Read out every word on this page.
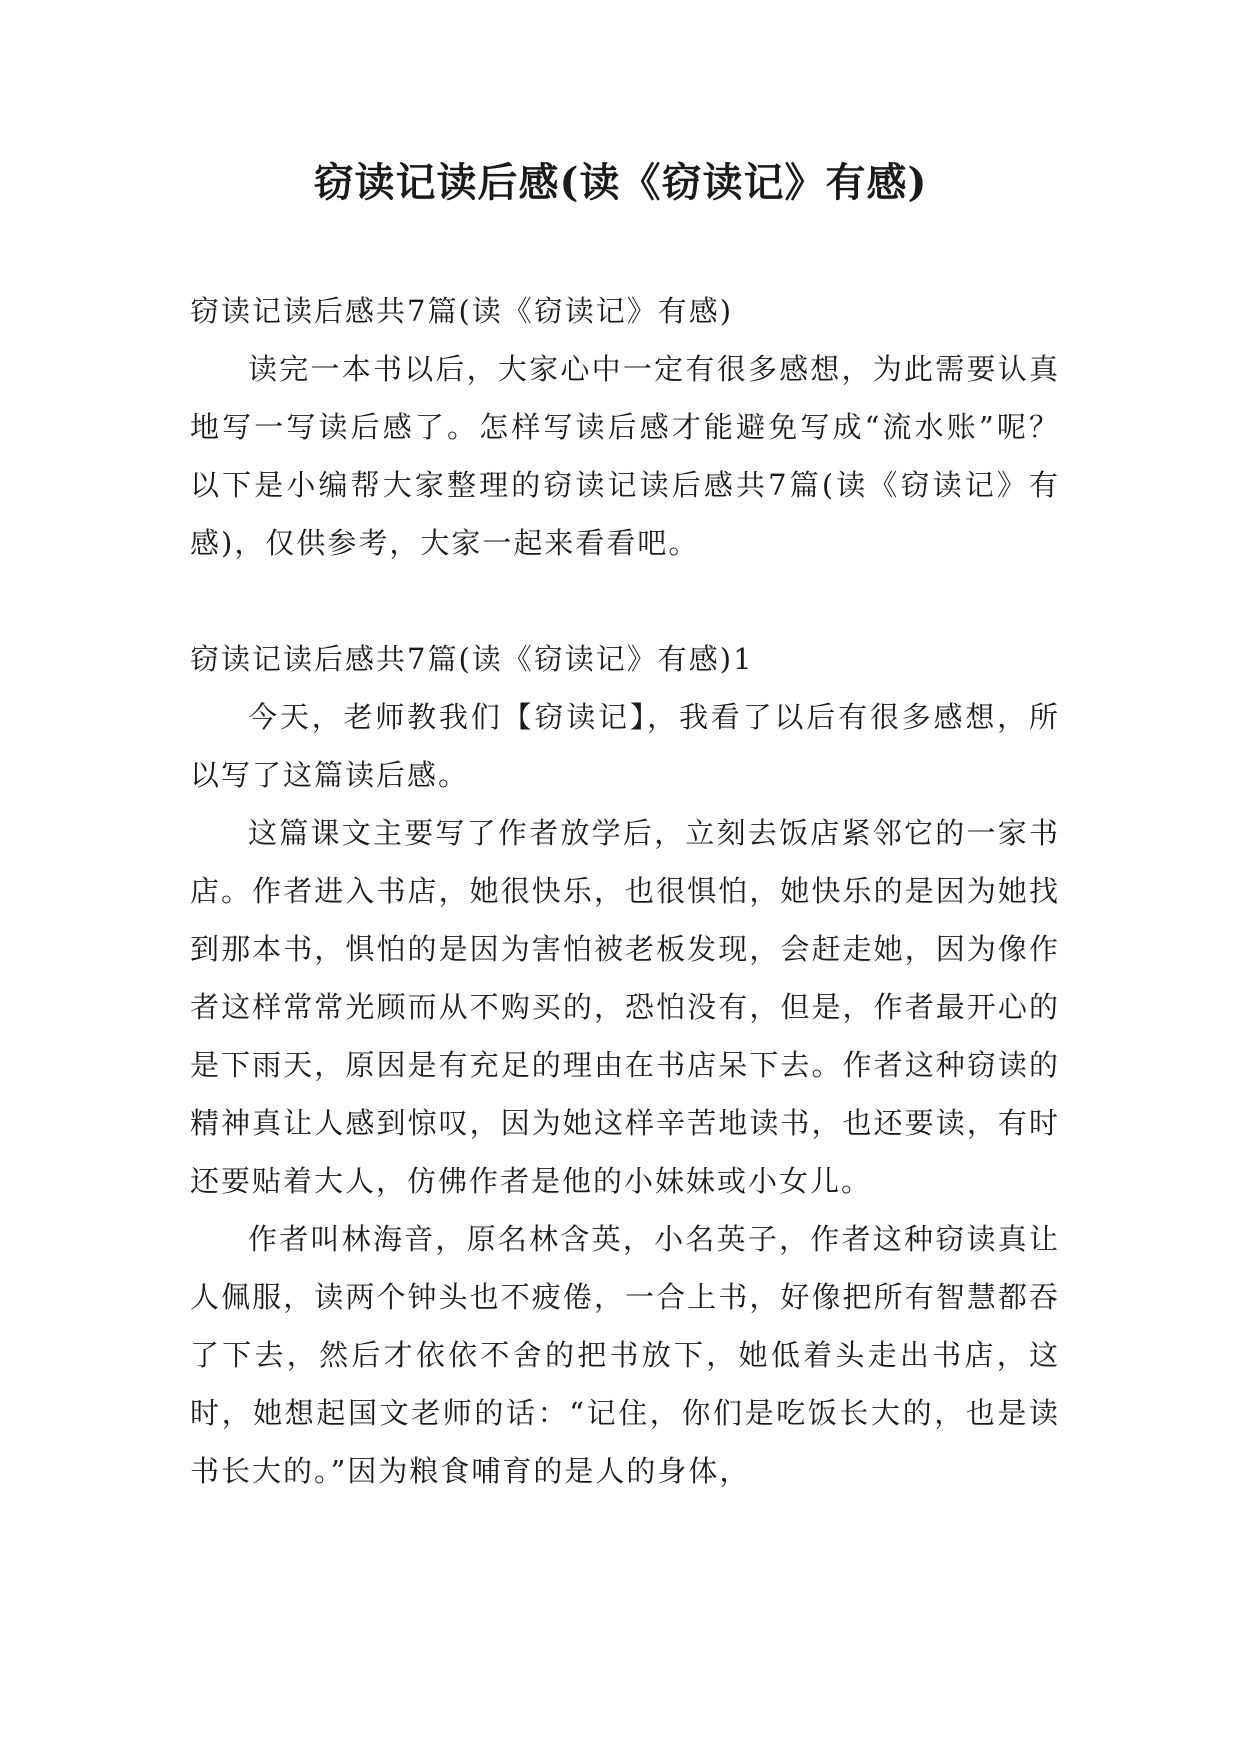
窃读记读后感(读《窃读记》有感)

窃读记读后感共7篇(读《窃读记》有感)

读完一本书以后，大家心中一定有很多感想，为此需要认真地写一写读后感了。怎样写读后感才能避免写成“流水账”呢？以下是小编帮大家整理的窃读记读后感共7篇(读《窃读记》有感)，仅供参考，大家一起来看看吧。

窃读记读后感共7篇(读《窃读记》有感)1

今天，老师教我们【窃读记】，我看了以后有很多感想，所以写了这篇读后感。

这篇课文主要写了作者放学后，立刻去饭店紧邻它的一家书店。作者进入书店，她很快乐，也很惧怕，她快乐的是因为她找到那本书，惧怕的是因为害怕被老板发现，会赶走她，因为像作者这样常常光顾而从不购买的，恐怕没有，但是，作者最开心的是下雨天，原因是有充足的理由在书店呆下去。作者这种窃读的精神真让人感到惊叹，因为她这样辛苦地读书，也还要读，有时还要贴着大人，仿佛作者是他的小妹妹或小女儿。

作者叫林海音，原名林含英，小名英子，作者这种窃读真让人佩服，读两个钟头也不疲倦，一合上书，好像把所有智慧都吞了下去，然后才依依不舍的把书放下，她低着头走出书店，这时，她想起国文老师的话：“记住，你们是吃饭长大的，也是读书长大的。”因为粮食哺育的是人的身体，
